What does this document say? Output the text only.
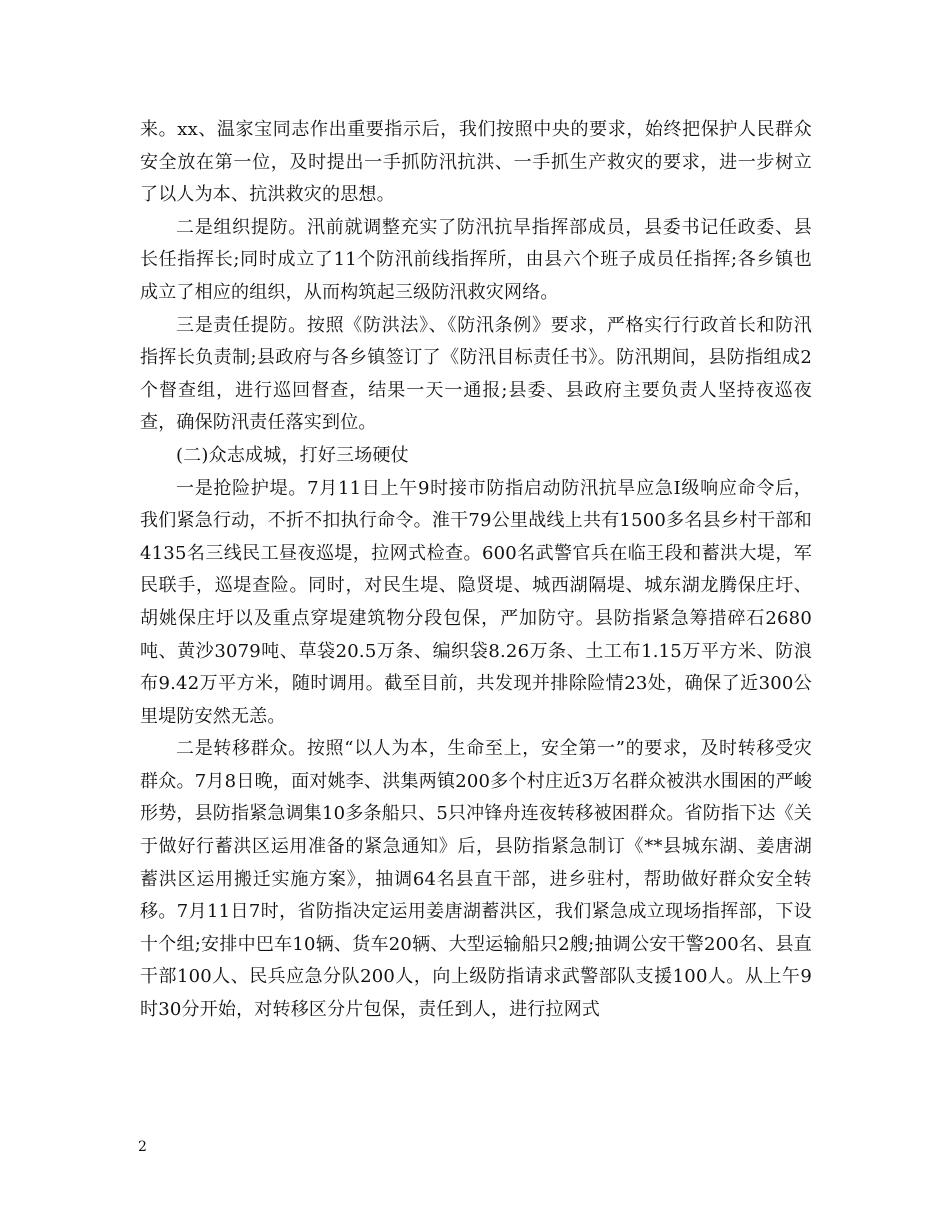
来。xx、温家宝同志作出重要指示后，我们按照中央的要求，始终把保护人民群众安全放在第一位，及时提出一手抓防汛抗洪、一手抓生产救灾的要求，进一步树立了以人为本、抗洪救灾的思想。

二是组织提防。汛前就调整充实了防汛抗旱指挥部成员，县委书记任政委、县长任指挥长;同时成立了11个防汛前线指挥所，由县六个班子成员任指挥;各乡镇也成立了相应的组织，从而构筑起三级防汛救灾网络。

三是责任提防。按照《防洪法》、《防汛条例》要求，严格实行行政首长和防汛指挥长负责制;县政府与各乡镇签订了《防汛目标责任书》。防汛期间，县防指组成2个督查组，进行巡回督查，结果一天一通报;县委、县政府主要负责人坚持夜巡夜查，确保防汛责任落实到位。

(二)众志成城，打好三场硬仗

一是抢险护堤。7月11日上午9时接市防指启动防汛抗旱应急Ⅰ级响应命令后，我们紧急行动，不折不扣执行命令。淮干79公里战线上共有1500多名县乡村干部和4135名三线民工昼夜巡堤，拉网式检查。600名武警官兵在临王段和蓄洪大堤，军民联手，巡堤查险。同时，对民生堤、隐贤堤、城西湖隔堤、城东湖龙腾保庄圩、胡姚保庄圩以及重点穿堤建筑物分段包保，严加防守。县防指紧急筹措碎石2680吨、黄沙3079吨、草袋20.5万条、编织袋8.26万条、土工布1.15万平方米、防浪布9.42万平方米，随时调用。截至目前，共发现并排除险情23处，确保了近300公里堤防安然无恙。

二是转移群众。按照“以人为本，生命至上，安全第一”的要求，及时转移受灾群众。7月8日晚，面对姚李、洪集两镇200多个村庄近3万名群众被洪水围困的严峻形势，县防指紧急调集10多条船只、5只冲锋舟连夜转移被困群众。省防指下达《关于做好行蓄洪区运用准备的紧急通知》后，县防指紧急制订《**县城东湖、姜唐湖蓄洪区运用搬迁实施方案》，抽调64名县直干部，进乡驻村，帮助做好群众安全转移。7月11日7时，省防指决定运用姜唐湖蓄洪区，我们紧急成立现场指挥部，下设十个组;安排中巴车10辆、货车20辆、大型运输船只2艘;抽调公安干警200名、县直干部100人、民兵应急分队200人，向上级防指请求武警部队支援100人。从上午9时30分开始，对转移区分片包保，责任到人，进行拉网式

2
